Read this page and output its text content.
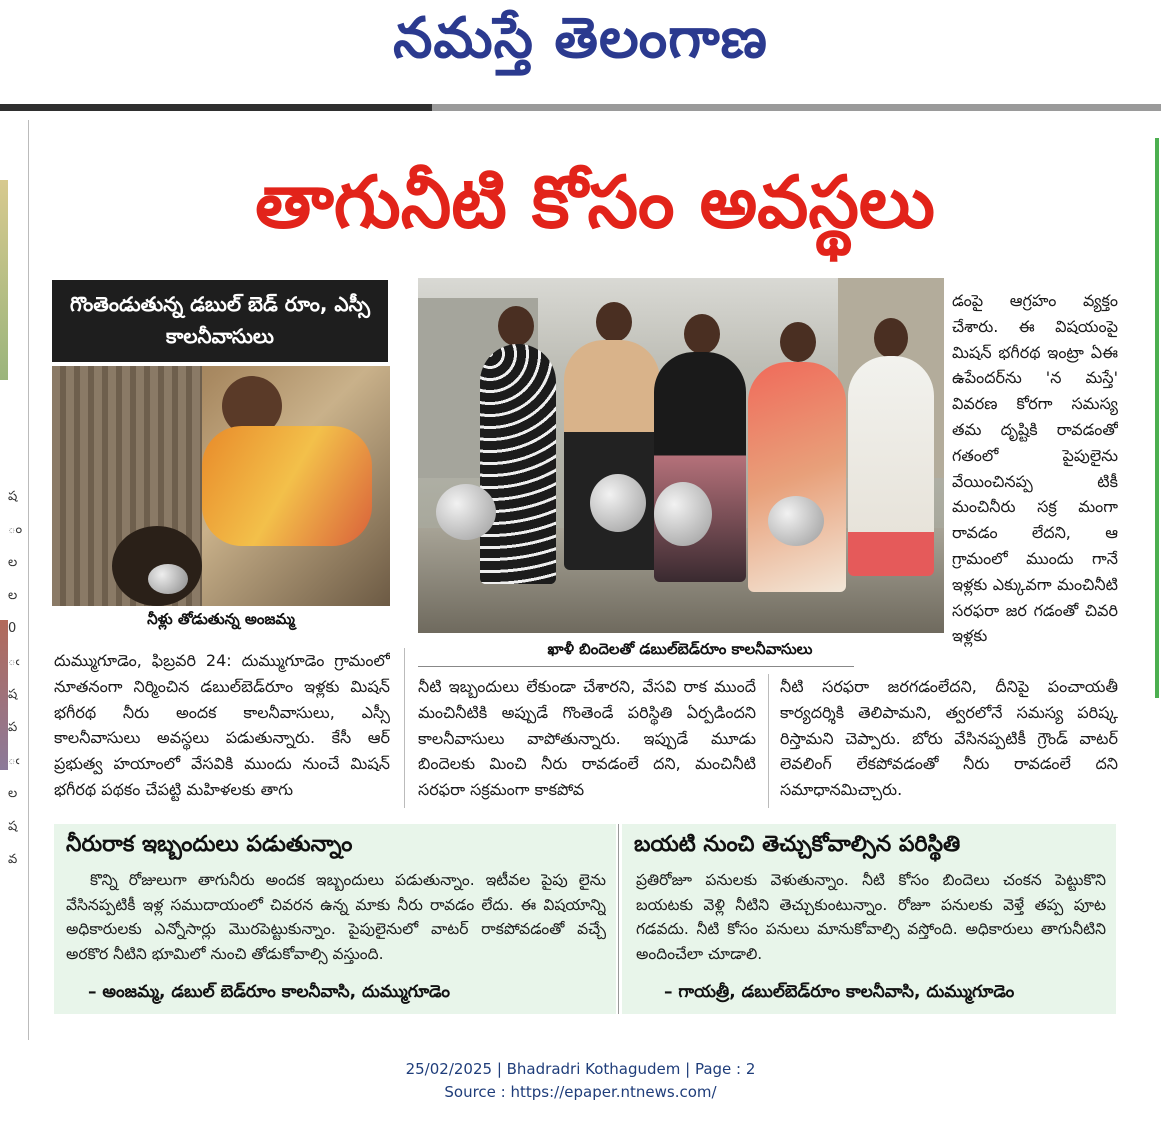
నమస్తే తెలంగాణ
ష
ం
ల
ల
0
ఁ
ష
ప
ఁ
ల
ష
వ
తాగునీటి కోసం అవస్థలు
గొంతెండుతున్న డబుల్ బెడ్ రూం, ఎస్సీ కాలనీవాసులు
నీళ్లు తోడుతున్న అంజమ్మ
ఖాళీ బిందెలతో డబుల్‌బెడ్‌రూం కాలనీవాసులు
దుమ్ముగూడెం, ఫిబ్రవరి 24: దుమ్ముగూడెం గ్రామంలో నూతనంగా నిర్మించిన డబుల్‌బెడ్‌రూం ఇళ్లకు మిషన్ భగీరథ నీరు అందక కాలనీవాసులు, ఎస్సీ కాలనీవాసులు అవస్థలు పడుతున్నారు. కేసీ ఆర్ ప్రభుత్వ హయాంలో వేసవికి ముందు నుంచే మిషన్ భగీరథ పథకం చేపట్టి మహిళలకు తాగు
నీటి ఇబ్బందులు లేకుండా చేశారని, వేసవి రాక ముందే మంచినీటికి అప్పుడే గొంతెండే పరిస్థితి ఏర్పడిందని కాలనీవాసులు వాపోతున్నారు. ఇప్పుడే మూడు బిందెలకు మించి నీరు రావడంలే దని, మంచినీటి సరఫరా సక్రమంగా కాకపోవ
నీటి సరఫరా జరగడంలేదని, దీనిపై పంచాయతీ కార్యదర్శికి తెలిపామని, త్వరలోనే సమస్య పరిష్క రిస్తామని చెప్పారు. బోరు వేసినప్పటికీ గ్రౌండ్ వాటర్ లెవలింగ్ లేకపోవడంతో నీరు రావడంలే దని సమాధానమిచ్చారు.
డంపై ఆగ్రహం వ్యక్తం చేశారు. ఈ విషయంపై మిషన్ భగీరథ ఇంట్రా ఏఈ ఉపేందర్‌ను 'న మస్తే' వివరణ కోరగా సమస్య తమ దృష్టికి రావడంతో గతంలో పైపులైను వేయించినప్ప టికీ మంచినీరు సక్ర మంగా రావడం లేదని, ఆ గ్రామంలో ముందు గానే ఇళ్లకు ఎక్కువగా మంచినీటి సరఫరా జర గడంతో చివరి ఇళ్లకు
నీరురాక ఇబ్బందులు పడుతున్నాం
కొన్ని రోజులుగా తాగునీరు అందక ఇబ్బందులు పడుతున్నాం. ఇటీవల పైపు లైను వేసినప్పటికీ ఇళ్ల సముదాయంలో చివరన ఉన్న మాకు నీరు రావడం లేదు. ఈ విషయాన్ని అధికారులకు ఎన్నోసార్లు మొరపెట్టుకున్నాం. పైపులైనులో వాటర్ రాకపోవడంతో వచ్చే అరకొర నీటిని భూమిలో నుంచి తోడుకోవాల్సి వస్తుంది.
– అంజమ్మ, డబుల్ బెడ్‌రూం కాలనీవాసి, దుమ్ముగూడెం
బయటి నుంచి తెచ్చుకోవాల్సిన పరిస్థితి
ప్రతిరోజూ పనులకు వెళుతున్నాం. నీటి కోసం బిందెలు చంకన పెట్టుకొని బయటకు వెళ్లి నీటిని తెచ్చుకుంటున్నాం. రోజూ పనులకు వెళ్తే తప్ప పూట గడవదు. నీటి కోసం పనులు మానుకోవాల్సి వస్తోంది. అధికారులు తాగునీటిని అందించేలా చూడాలి.
– గాయత్రీ, డబుల్‌బెడ్‌రూం కాలనీవాసి, దుమ్ముగూడెం
25/02/2025 | Bhadradri Kothagudem | Page : 2
Source : https://epaper.ntnews.com/
